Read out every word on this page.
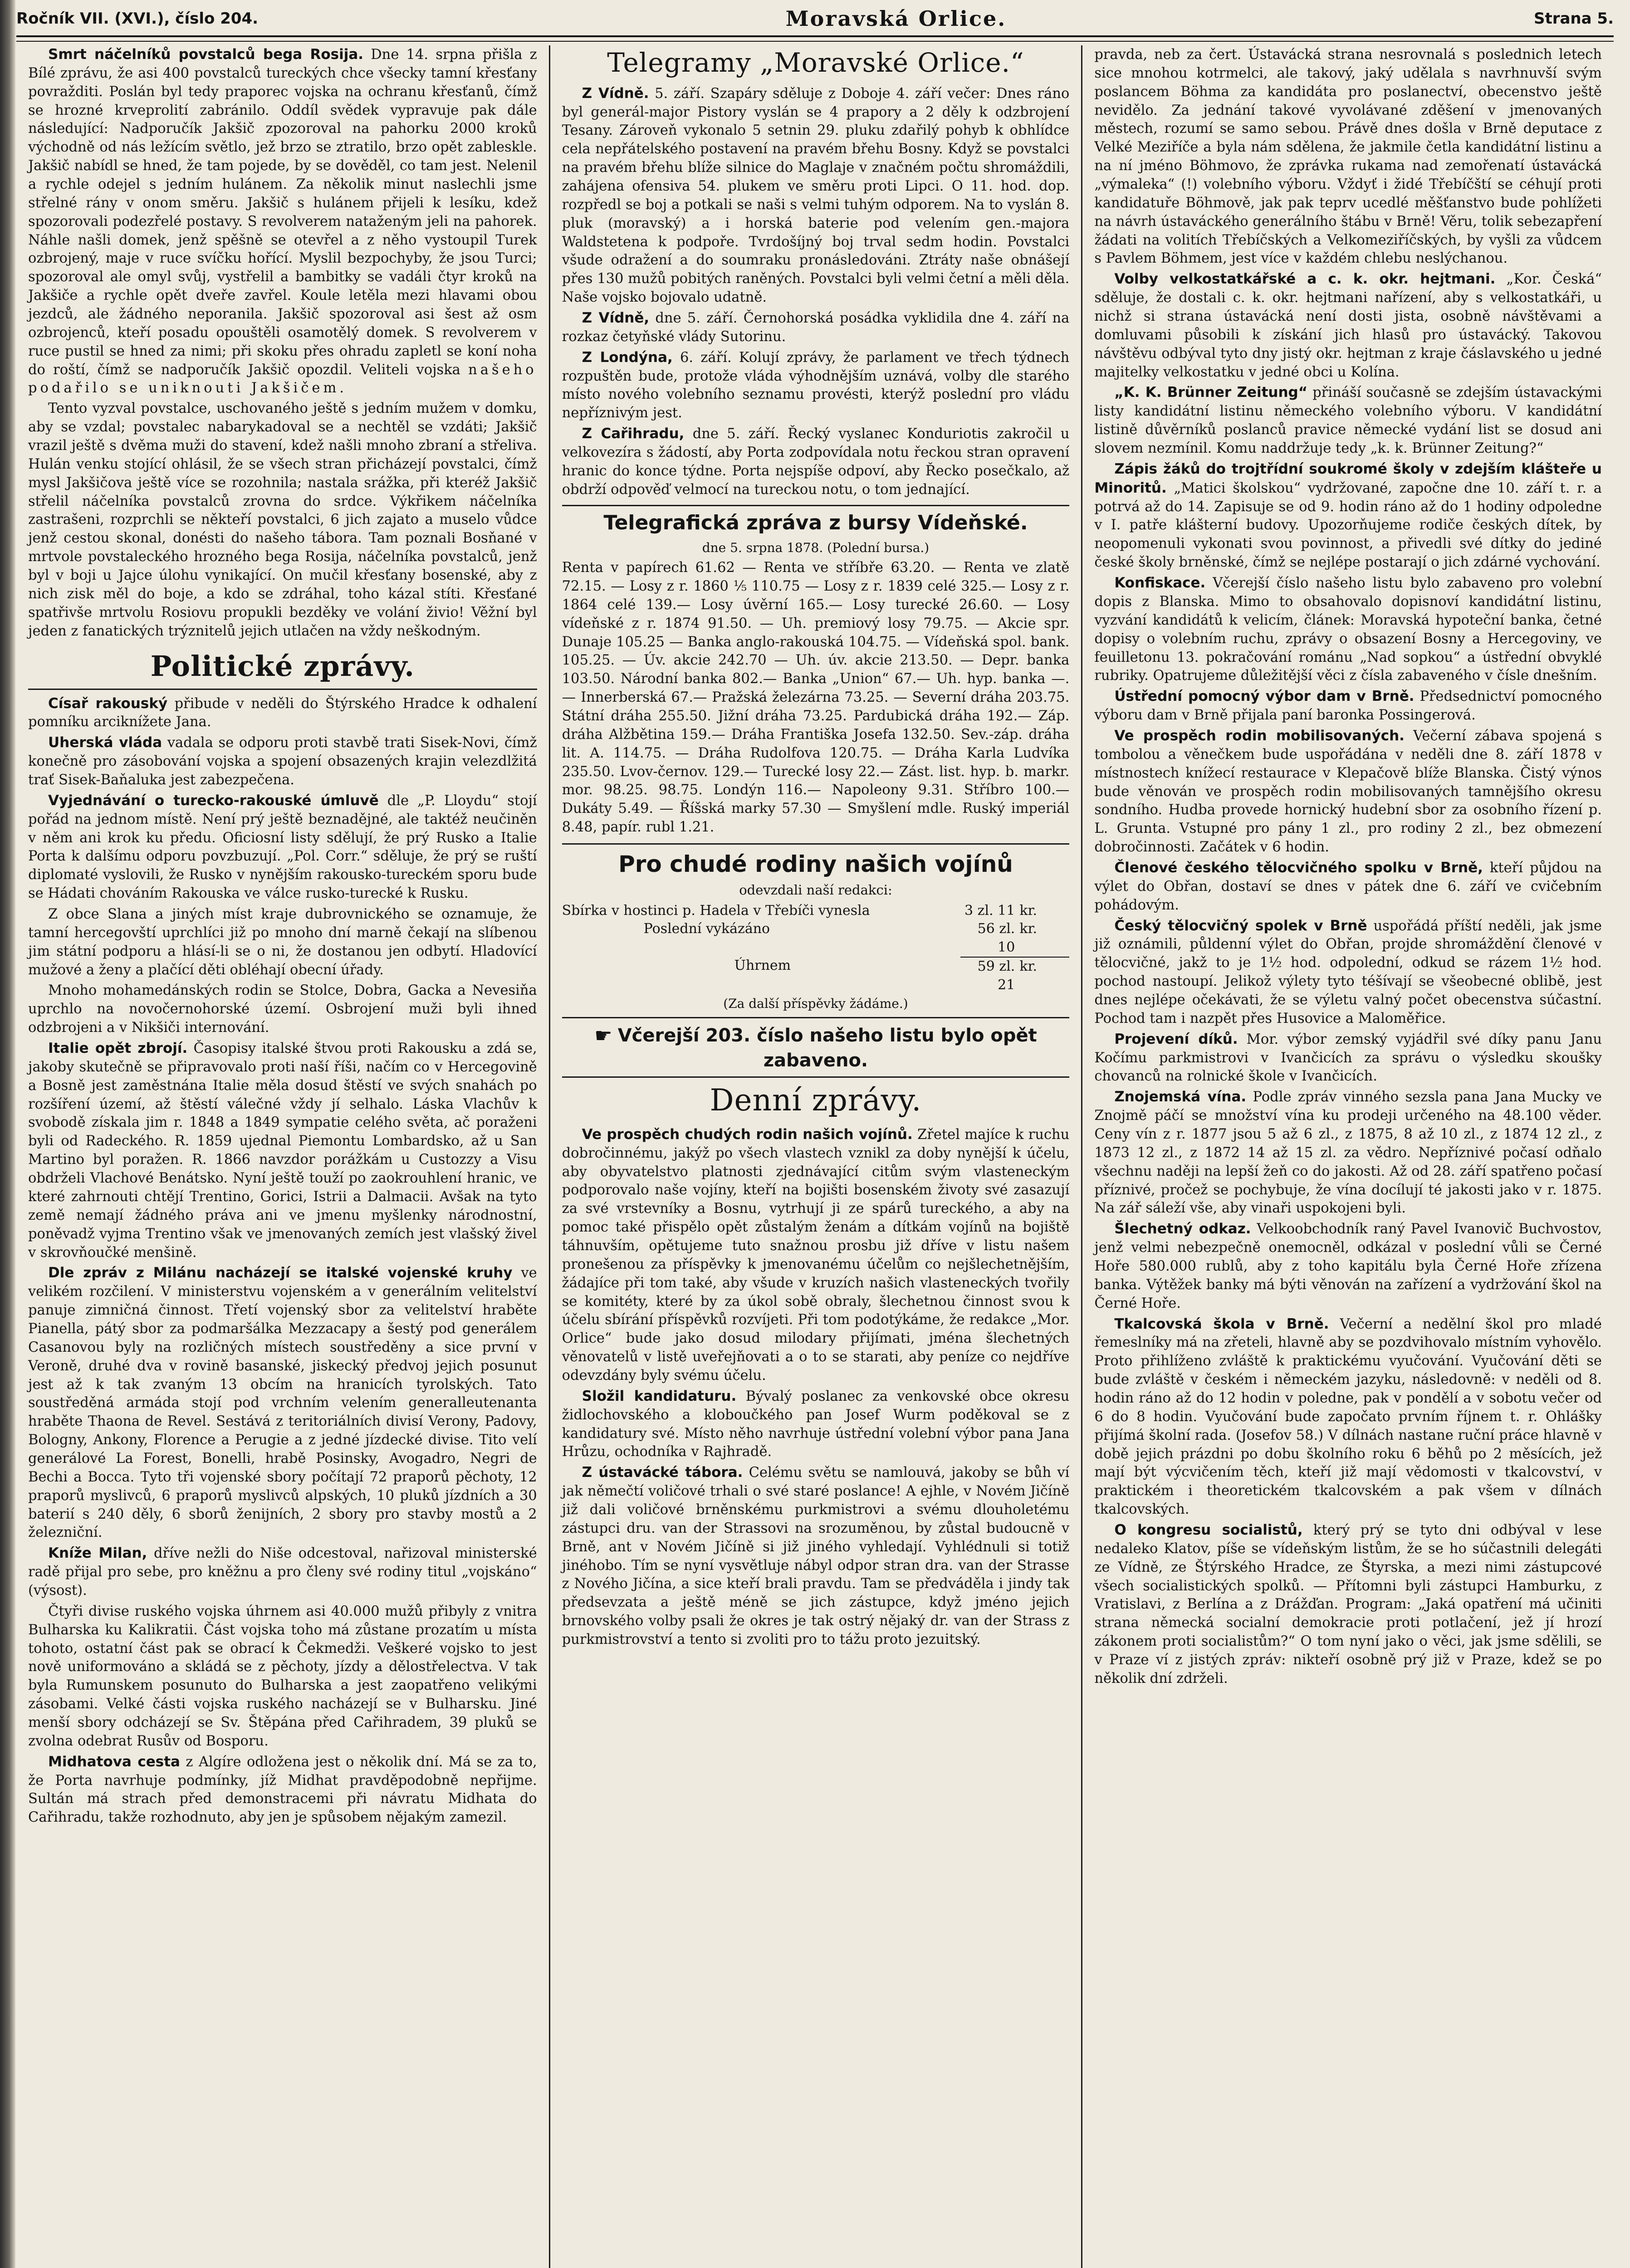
Ročník VII. (XVI.), číslo 204.	Moravská Orlice.	Strana 5.

Smrt náčelníků povstalců bega Rosija. Dne 14. srpna přišla z Bílé zprávu, že asi 400 povstalců tureckých chce všecky tamní křesťany povražditi. Poslán byl tedy praporec vojska na ochranu křesťanů, čímž se hrozné krveprolití zabránilo. Oddíl svědek vypravuje pak dále následující: Nadporučík Jakšič zpozoroval na pahorku 2000 kroků východně od nás ležícím světlo, jež brzo se ztratilo, brzo opět zableskle. Jakšič nabídl se hned, že tam pojede, by se dověděl, co tam jest. Nelenil a rychle odejel s jedním hulánem. Za několik minut naslechli jsme střelné rány v onom směru. Jakšič s hulánem přijeli k lesíku, kdež spozorovali podezřelé postavy. S revolverem nataženým jeli na pahorek. Náhle našli domek, jenž spěšně se otevřel a z něho vystoupil Turek ozbrojený, maje v ruce svíčku hořící. Myslil bezpochyby, že jsou Turci; spozoroval ale omyl svůj, vystřelil a bambitky se vadáli čtyr kroků na Jakšiče a rychle opět dveře zavřel. Koule letěla mezi hlavami obou jezdců, ale žádného neporanila. Jakšič spozoroval asi šest až osm ozbrojenců, kteří posadu opouštěli osamotělý domek. S revolverem v ruce pustil se hned za nimi; při skoku přes ohradu zapletl se koní noha do roští, čímž se nadporučík Jakšič opozdil. Veliteli vojska našeho podařilo se uniknouti Jakšičem.

Tento vyzval povstalce, uschovaného ještě s jedním mužem v domku, aby se vzdal; povstalec nabarykadoval se a nechtěl se vzdáti; Jakšič vrazil ještě s dvěma muži do stavení, kdež našli mnoho zbraní a střeliva. Hulán venku stojící ohlásil, že se všech stran přicházejí povstalci, čímž mysl Jakšičova ještě více se rozohnila; nastala srážka, při kteréž Jakšič střelil náčelníka povstalců zrovna do srdce. Výkřikem náčelníka zastrašeni, rozprchli se někteří povstalci, 6 jich zajato a muselo vůdce jenž cestou skonal, donésti do našeho tábora. Tam poznali Bosňané v mrtvole povstaleckého hrozného bega Rosija, náčelníka povstalců, jenž byl v boji u Jajce úlohu vynikající. On mučil křesťany bosenské, aby z nich zisk měl do boje, a kdo se zdráhal, toho kázal stíti. Křesťané spatřivše mrtvolu Rosiovu propukli bezděky ve volání živio! Věžní byl jeden z fanatických trýznitelů jejich utlačen na vždy neškodným.

Politické zprávy.

Císař rakouský přibude v neděli do Štýrského Hradce k odhalení pomníku arciknížete Jana.

Uherská vláda vadala se odporu proti stavbě trati Sisek-Novi, čímž konečně pro zásobování vojska a spojení obsazených krajin velezdlžitá trať Sisek-Baňaluka jest zabezpečena.

Vyjednávání o turecko-rakouské úmluvě dle „P. Lloydu“ stojí pořád na jednom místě. Není prý ještě beznadějné, ale taktéž neučiněn v něm ani krok ku předu. Oficiosní listy sdělují, že prý Rusko a Italie Porta k dalšímu odporu povzbuzují. „Pol. Corr.“ sděluje, že prý se ruští diplomaté vyslovili, že Rusko v nynějším rakousko-tureckém sporu bude se Hádati chováním Rakouska ve válce rusko-turecké k Rusku.

Z obce Slana a jiných míst kraje dubrovnického se oznamuje, že tamní hercegovští uprchlíci již po mnoho dní marně čekají na slíbenou jim státní podporu a hlásí-li se o ni, že dostanou jen odbytí. Hladovící mužové a ženy a plačící děti obléhají obecní úřady.

Mnoho mohamedánských rodin se Stolce, Dobra, Gacka a Nevesiňa uprchlo na novočernohorské území. Osbrojení muži byli ihned odzbrojeni a v Nikšiči internování.

Italie opět zbrojí. Časopisy italské štvou proti Rakousku a zdá se, jakoby skutečně se připravovalo proti naší říši, načím co v Hercegovině a Bosně jest zaměstnána Italie měla dosud štěstí ve svých snahách po rozšíření území, až štěstí válečné vždy jí selhalo. Láska Vlachův k svobodě získala jim r. 1848 a 1849 sympatie celého světa, ač poraženi byli od Radeckého. R. 1859 ujednal Piemontu Lombardsko, až u San Martino byl poražen. R. 1866 navzdor porážkám u Custozzy a Visu obdrželi Vlachové Benátsko. Nyní ještě touží po zaokrouhlení hranic, ve které zahrnouti chtějí Trentino, Gorici, Istrii a Dalmacii. Avšak na tyto země nemají žádného práva ani ve jmenu myšlenky národnostní, poněvadž vyjma Trentino však ve jmenovaných zemích jest vlašský živel v skrovňoučké menšině.

Dle zpráv z Milánu nacházejí se italské vojenské kruhy ve velikém rozčilení. V ministerstvu vojenském a v generálním velitelství panuje zimničná činnost. Třetí vojenský sbor za velitelství hraběte Pianella, pátý sbor za podmaršálka Mezzacapy a šestý pod generálem Casanovou byly na rozličných místech soustředěny a sice první v Veroně, druhé dva v rovině basanské, jiskecký předvoj jejich posunut jest až k tak zvaným 13 obcím na hranicích tyrolských. Tato soustředěná armáda stojí pod vrchním velením generalleutenanta hraběte Thaona de Revel. Sestává z teritoriálních divisí Verony, Padovy, Bologny, Ankony, Florence a Perugie a z jedné jízdecké divise. Tito velí generálové La Forest, Bonelli, hrabě Posinsky, Avogadro, Negri de Bechi a Bocca. Tyto tři vojenské sbory počítají 72 praporů pěchoty, 12 praporů myslivců, 6 praporů myslivců alpských, 10 pluků jízdních a 30 baterií s 240 děly, 6 sborů ženijních, 2 sbory pro stavby mostů a 2 železniční.

Kníže Milan, dříve nežli do Niše odcestoval, nařizoval ministerské radě přijal pro sebe, pro kněžnu a pro členy své rodiny titul „vojskáno“ (výsost).

Čtyři divise ruského vojska úhrnem asi 40.000 mužů přibyly z vnitra Bulharska ku Kalikratii. Část vojska toho má zůstane prozatím u místa tohoto, ostatní část pak se obrací k Čekmedži. Veškeré vojsko to jest nově uniformováno a skládá se z pěchoty, jízdy a dělostřelectva. V tak byla Rumunskem posunuto do Bulharska a jest zaopatřeno velikými zásobami. Velké části vojska ruského nacházejí se v Bulharsku. Jiné menší sbory odcházejí se Sv. Štěpána před Cařihradem, 39 pluků se zvolna odebrat Rusův od Bosporu.

Midhatova cesta z Algíre odložena jest o několik dní. Má se za to, že Porta navrhuje podmínky, jíž Midhat pravděpodobně nepřijme. Sultán má strach před demonstracemi při návratu Midhata do Cařihradu, takže rozhodnuto, aby jen je spůsobem nějakým zamezil.

Telegramy „Moravské Orlice.“

Z Vídně. 5. září. Szapáry sděluje z Doboje 4. září večer: Dnes ráno byl generál-major Pistory vyslán se 4 prapory a 2 děly k odzbrojení Tesany. Zároveň vykonalo 5 setnin 29. pluku zdařilý pohyb k obhlídce cela nepřátelského postavení na pravém břehu Bosny. Když se povstalci na pravém břehu blíže silnice do Maglaje v značném počtu shromáždili, zahájena ofensiva 54. plukem ve směru proti Lipci. O 11. hod. dop. rozpředl se boj a potkali se naši s velmi tuhým odporem. Na to vyslán 8. pluk (moravský) a i horská baterie pod velením gen.-majora Waldstetena k podpoře. Tvrdošíjný boj trval sedm hodin. Povstalci všude odražení a do soumraku pronásledováni. Ztráty naše obnášejí přes 130 mužů pobitých raněných. Povstalci byli velmi četní a měli děla. Naše vojsko bojovalo udatně.

Z Vídně, dne 5. září. Černohorská posádka vyklidila dne 4. září na rozkaz četyňské vlády Sutorinu.

Z Londýna, 6. září. Kolují zprávy, že parlament ve třech týdnech rozpuštěn bude, protože vláda výhodnějším uznává, volby dle starého místo nového volebního seznamu provésti, kterýž poslední pro vládu nepříznivým jest.

Z Cařihradu, dne 5. září. Řecký vyslanec Konduriotis zakročil u velkovezíra s žádostí, aby Porta zodpovídala notu řeckou stran opravení hranic do konce týdne. Porta nejspíše odpoví, aby Řecko posečkalo, až obdrží odpověď velmocí na tureckou notu, o tom jednající.

Telegrafická zpráva z bursy Vídeňské.
dne 5. srpna 1878. (Polední bursa.)

Renta v papírech 61.62 — Renta ve stříbře 63.20. — Renta ve zlatě 72.15. — Losy z r. 1860 ⅕ 110.75 — Losy z r. 1839 celé 325.— Losy z r. 1864 celé 139.— Losy úvěrní 165.— Losy turecké 26.60. — Losy vídeňské z r. 1874 91.50. — Uh. premiový losy 79.75. — Akcie spr. Dunaje 105.25 — Banka anglo-rakouská 104.75. — Vídeňská spol. bank. 105.25. — Úv. akcie 242.70 — Uh. úv. akcie 213.50. — Depr. banka 103.50. Národní banka 802.— Banka „Union“ 67.— Uh. hyp. banka —.— Innerberská 67.— Pražská železárna 73.25. — Severní dráha 203.75. Státní dráha 255.50. Jižní dráha 73.25. Pardubická dráha 192.— Záp. dráha Alžbětina 159.— Dráha Františka Josefa 132.50. Sev.-záp. dráha lit. A. 114.75. — Dráha Rudolfova 120.75. — Dráha Karla Ludvíka 235.50. Lvov-černov. 129.— Turecké losy 22.— Zást. list. hyp. b. markr. mor. 98.25. 98.75. Londýn 116.— Napoleony 9.31. Stříbro 100.— Dukáty 5.49. — Říšská marky 57.30 — Smyšlení mdle. Ruský imperiál 8.48, papír. rubl 1.21.

Pro chudé rodiny našich vojínů
odevzdali naší redakci:
Sbírka v hostinci p. Hadela v Třebíči vynesla	3 zl. 11 kr.
Poslední vykázáno	56 zl. 10
kr.
Úhrnem	59 zl. 21
kr.
(Za další příspěvky žádáme.)
☛ Včerejší 203. číslo našeho listu bylo opět zabaveno.
Denní zprávy.

Ve prospěch chudých rodin našich vojínů. Zřetel majíce k ruchu dobročinnému, jakýž po všech vlastech vznikl za doby nynější k účelu, aby obyvatelstvo platnosti zjednávající citům svým vlasteneckým podporovalo naše vojíny, kteří na bojišti bosenském životy své zasazují za své vrstevníky a Bosnu, vytrhují ji ze spárů tureckého, a aby na pomoc také přispělo opět zůstalým ženám a dítkám vojínů na bojiště táhnuvším, opětujeme tuto snažnou prosbu již dříve v listu našem pronešenou za příspěvky k jmenovanému účelům co nejšlechetnějším, žádajíce při tom také, aby všude v kruzích našich vlasteneckých tvořily se komitéty, které by za úkol sobě obraly, šlechetnou činnost svou k účelu sbírání příspěvků rozvíjeti. Při tom podotýkáme, že redakce „Mor. Orlice“ bude jako dosud milodary přijímati, jména šlechetných věnovatelů v listě uveřejňovati a o to se starati, aby peníze co nejdříve odevzdány byly svému účelu.

Složil kandidaturu. Bývalý poslanec za venkovské obce okresu židlochovského a kloboučkého pan Josef Wurm poděkoval se z kandidatury své. Místo něho navrhuje ústřední volební výbor pana Jana Hrůzu, ochodníka v Rajhradě.

Z ústavácké tábora. Celému světu se namlouvá, jakoby se bůh ví jak němečtí voličové trhali o své staré poslance! A ejhle, v Novém Jičíně již dali voličové brněnskému purkmistrovi a svému dlouholetému zástupci dru. van der Strassovi na srozuměnou, by zůstal budoucně v Brně, ant v Novém Jičíně si již jiného vyhledají. Vyhlédnuli si totiž jinéhobo. Tím se nyní vysvětluje nábyl odpor stran dra. van der Strasse z Nového Jičína, a sice kteří brali pravdu. Tam se předváděla i jindy tak předsevzata a ještě méně se jich zástupce, když jméno jejich brnovského volby psali že okres je tak ostrý nějaký dr. van der Strass z purkmistrovství a tento si zvoliti pro to tážu proto jezuitský.

pravda, neb za čert. Ústavácká strana nesrovnalá s poslednich letech sice mnohou kotrmelci, ale takový, jaký udělala s navrhnuvší svým poslancem Böhma za kandidáta pro poslanectví, obecenstvo ještě nevidělo. Za jednání takové vyvolávané zděšení v jmenovaných městech, rozumí se samo sebou. Právě dnes došla v Brně deputace z Velké Meziříče a byla nám sdělena, že jakmile četla kandidátní listinu a na ní jméno Böhmovo, že zprávka rukama nad zemořenatí ústavácká „výmaleka“ (!) volebního výboru. Vždyť i židé Třebíčští se céhují proti kandidatuře Böhmově, jak pak teprv ucedlé měšťanstvo bude pohlížeti na návrh ústaváckého generálního štábu v Brně! Věru, tolik sebezapření žádati na volitích Třebíčských a Velkomeziříčských, by vyšli za vůdcem s Pavlem Böhmem, jest více v každém chlebu neslýchanou.

Volby velkostatkářské a c. k. okr. hejtmani. „Kor. Česká“ sděluje, že dostali c. k. okr. hejtmani nařízení, aby s velkostatkáři, u nichž si strana ústavácká není dosti jista, osobně návštěvami a domluvami působili k získání jich hlasů pro ústavácký. Takovou návštěvu odbýval tyto dny jistý okr. hejtman z kraje čáslavského u jedné majitelky velkostatku v jedné obci u Kolína.

„K. K. Brünner Zeitung“ přináší současně se zdejším ústavackými listy kandidátní listinu německého volebního výboru. V kandidátní listině důvěrníků poslanců pravice německé vydání list se dosud ani slovem nezmínil. Komu naddržuje tedy „k. k. Brünner Zeitung?“

Zápis žáků do trojtřídní soukromé školy v zdejším klášteře u Minoritů. „Matici školskou“ vydržované, započne dne 10. září t. r. a potrvá až do 14. Zapisuje se od 9. hodin ráno až do 1 hodiny odpoledne v I. patře klášterní budovy. Upozorňujeme rodiče českých dítek, by neopomenuli vykonati svou povinnost, a přivedli své dítky do jediné české školy brněnské, čímž se nejlépe postarají o jich zdárné vychování.

Konfiskace. Včerejší číslo našeho listu bylo zabaveno pro volební dopis z Blanska. Mimo to obsahovalo dopisnoví kandidátní listinu, vyzvání kandidátů k velicím, článek: Moravská hypoteční banka, četné dopisy o volebním ruchu, zprávy o obsazení Bosny a Hercegoviny, ve feuilletonu 13. pokračování románu „Nad sopkou“ a ústřední obvyklé rubriky. Opatrujeme důležitější věci z čísla zabaveného v čísle dnešním.

Ústřední pomocný výbor dam v Brně. Předsednictví pomocného výboru dam v Brně přijala paní baronka Possingerová.

Ve prospěch rodin mobilisovaných. Večerní zábava spojená s tombolou a věnečkem bude uspořádána v neděli dne 8. září 1878 v místnostech knížecí restaurace v Klepačově blíže Blanska. Čistý výnos bude věnován ve prospěch rodin mobilisovaných tamnějšího okresu sondního. Hudba provede hornický hudební sbor za osobního řízení p. L. Grunta. Vstupné pro pány 1 zl., pro rodiny 2 zl., bez obmezení dobročinnosti. Začátek v 6 hodin.

Členové českého tělocvičného spolku v Brně, kteří půjdou na výlet do Obřan, dostaví se dnes v pátek dne 6. září ve cvičebním pohádovým.

Český tělocvičný spolek v Brně uspořádá příští neděli, jak jsme již oznámili, půldenní výlet do Obřan, projde shromáždění členové v tělocvičné, jakž to je 1½ hod. odpolední, odkud se rázem 1½ hod. pochod nastoupí. Jelikož výlety tyto téšívají se všeobecné oblibě, jest dnes nejlépe očekávati, že se výletu valný počet obecenstva súčastní. Pochod tam i nazpět přes Husovice a Maloměřice.

Projevení díků. Mor. výbor zemský vyjádřil své díky panu Janu Kočímu parkmistrovi v Ivančicích za správu o výsledku skoušky chovanců na rolnické škole v Ivančicích.

Znojemská vína. Podle zpráv vinného sezsla pana Jana Mucky ve Znojmě páčí se množství vína ku prodeji určeného na 48.100 věder. Ceny vín z r. 1877 jsou 5 až 6 zl., z 1875, 8 až 10 zl., z 1874 12 zl., z 1873 12 zl., z 1872 14 až 15 zl. za vědro. Nepříznivé počasí odňalo všechnu naději na lepší žeň co do jakosti. Až od 28. září spatřeno počasí příznivé, pročež se pochybuje, že vína docílují té jakosti jako v r. 1875. Na zář sáleží vše, aby vinaři uspokojeni byli.

Šlechetný odkaz. Velkoobchodník raný Pavel Ivanovič Buchvostov, jenž velmi nebezpečně onemocněl, odkázal v poslední vůli se Černé Hoře 580.000 rublů, aby z toho kapitálu byla Černé Hoře zřízena banka. Výtěžek banky má býti věnován na zařízení a vydržování škol na Černé Hoře.

Tkalcovská škola v Brně. Večerní a nedělní škol pro mladé řemeslníky má na zřeteli, hlavně aby se pozdvihovalo místním vyhovělo. Proto přihlíženo zvláště k praktickému vyučování. Vyučování děti se bude zvláště v českém i německém jazyku, následovně: v neděli od 8. hodin ráno až do 12 hodin v poledne, pak v pondělí a v sobotu večer od 6 do 8 hodin. Vyučování bude započato prvním říjnem t. r. Ohlášky přijímá školní rada. (Josefov 58.) V dílnách nastane ruční práce hlavně v době jejich prázdni po dobu školního roku 6 běhů po 2 měsících, jež mají být výcvičením těch, kteří již mají vědomosti v tkalcovství, v praktickém i theoretickém tkalcovském a pak všem v dílnách tkalcovských.

O kongresu socialistů, který prý se tyto dni odbýval v lese nedaleko Klatov, píše se vídeňským listům, že se ho súčastnili delegáti ze Vídně, ze Štýrského Hradce, ze Štyrska, a mezi nimi zástupcové všech socialistických spolků. — Přítomni byli zástupci Hamburku, z Vratislavi, z Berlína a z Drážďan. Program: „Jaká opatření má učiniti strana německá socialní demokracie proti potlačení, jež jí hrozí zákonem proti socialistům?“ O tom nyní jako o věci, jak jsme sdělili, se v Praze ví z jistých zpráv: nikteří osobně prý již v Praze, kdež se po několik dní zdrželi.
